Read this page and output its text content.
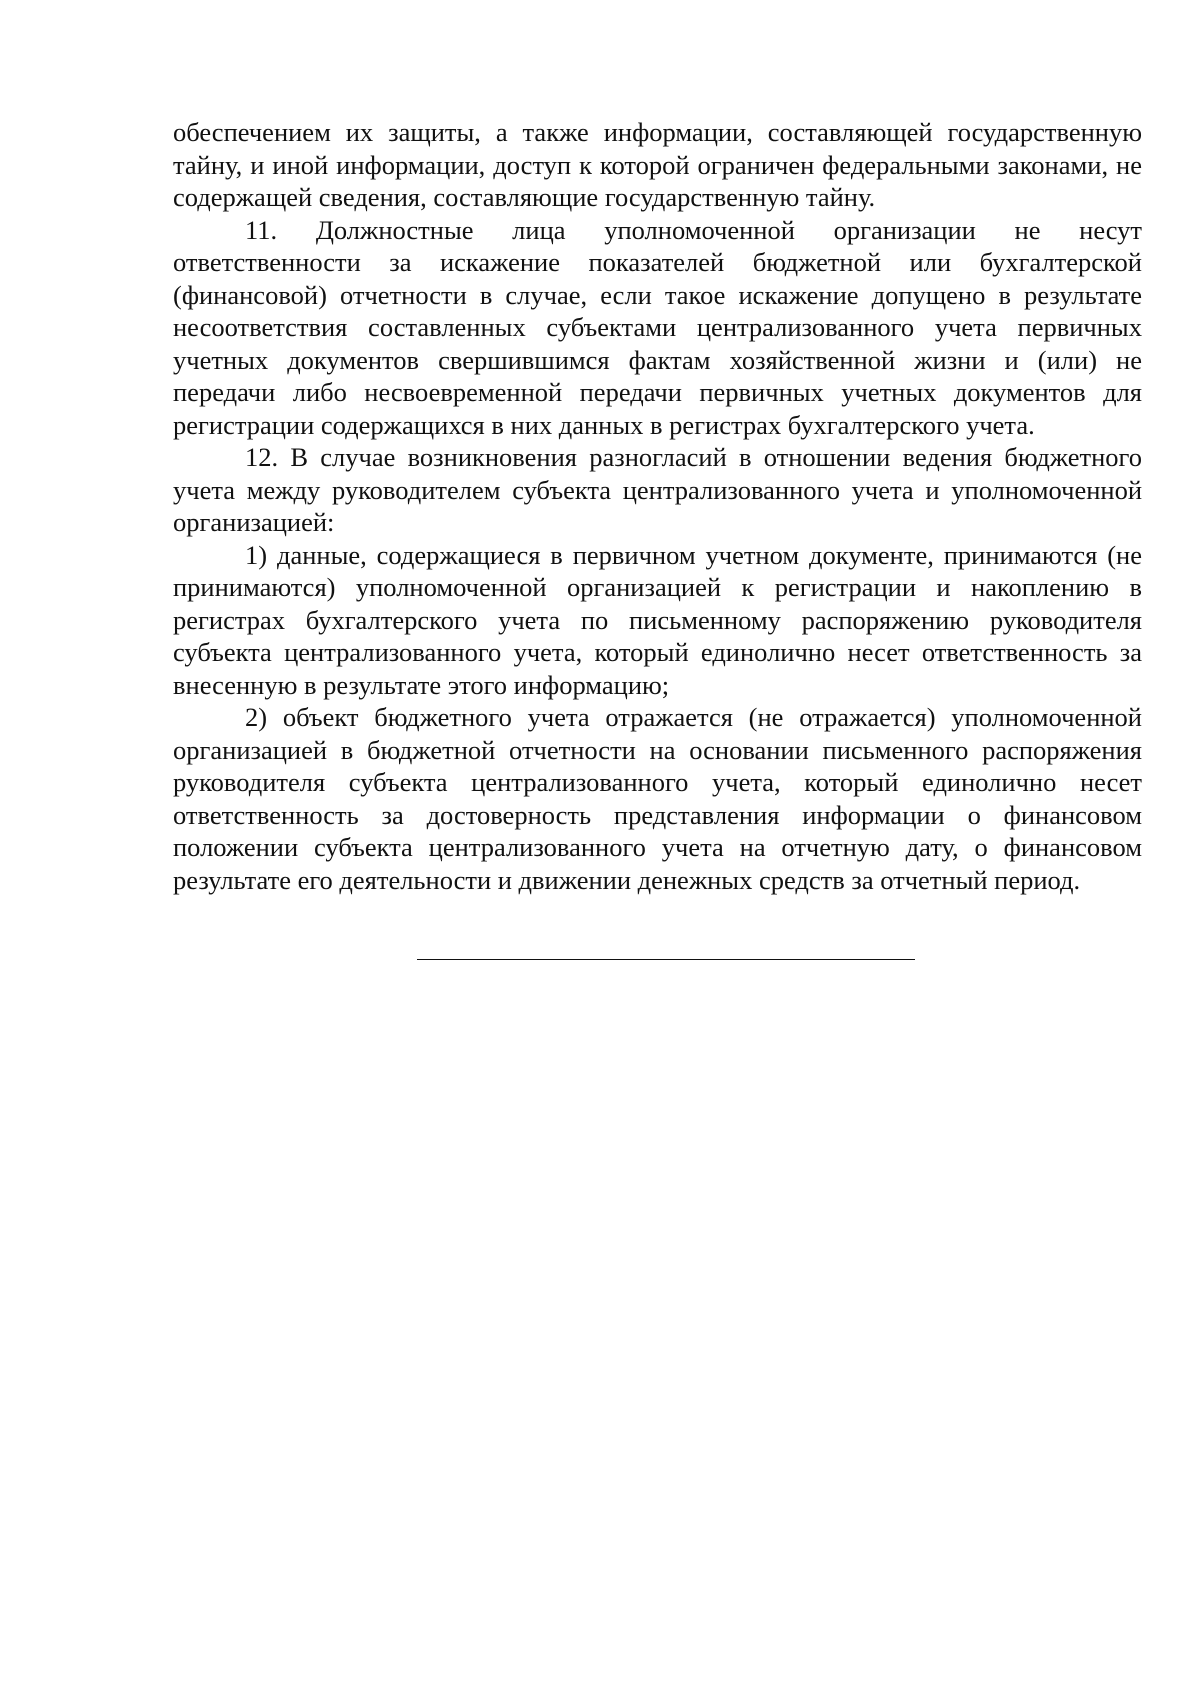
обеспечением их защиты, а также информации, составляющей государственную тайну, и иной информации, доступ к которой ограничен федеральными законами, не содержащей сведения, составляющие государственную тайну.

11. Должностные лица уполномоченной организации не несут ответственности за искажение показателей бюджетной или бухгалтерской (финансовой) отчетности в случае, если такое искажение допущено в результате несоответствия составленных субъектами централизованного учета первичных учетных документов свершившимся фактам хозяйственной жизни и (или) не передачи либо несвоевременной передачи первичных учетных документов для регистрации содержащихся в них данных в регистрах бухгалтерского учета.

12. В случае возникновения разногласий в отношении ведения бюджетного учета между руководителем субъекта централизованного учета и уполномоченной организацией:

1) данные, содержащиеся в первичном учетном документе, принимаются (не принимаются) уполномоченной организацией к регистрации и накоплению в регистрах бухгалтерского учета по письменному распоряжению руководителя субъекта централизованного учета, который единолично несет ответственность за внесенную в результате этого информацию;

2) объект бюджетного учета отражается (не отражается) уполномоченной организацией в бюджетной отчетности на основании письменного распоряжения руководителя субъекта централизованного учета, который единолично несет ответственность за достоверность представления информации о финансовом положении субъекта централизованного учета на отчетную дату, о финансовом результате его деятельности и движении денежных средств за отчетный период.
